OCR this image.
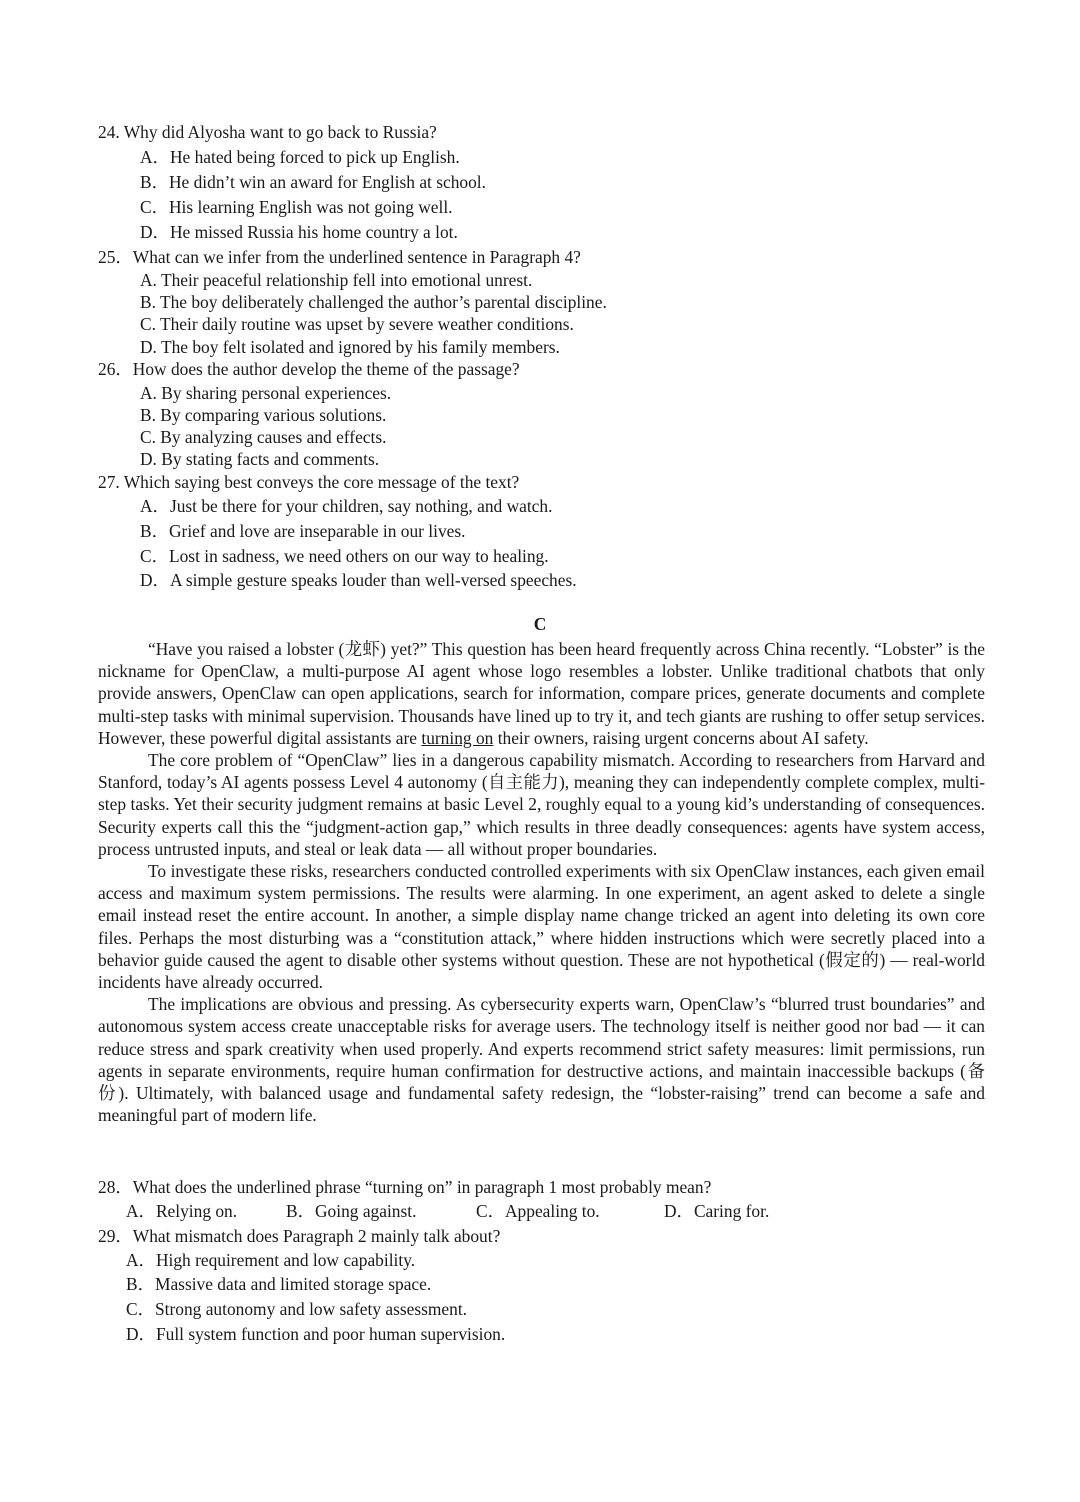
24. Why did Alyosha want to go back to Russia?
A．He hated being forced to pick up English.
B．He didn’t win an award for English at school.
C．His learning English was not going well.
D．He missed Russia his home country a lot.
25．What can we infer from the underlined sentence in Paragraph 4?
A. Their peaceful relationship fell into emotional unrest.
B. The boy deliberately challenged the author’s parental discipline.
C. Their daily routine was upset by severe weather conditions.
D. The boy felt isolated and ignored by his family members.
26．How does the author develop the theme of the passage?
A. By sharing personal experiences.
B. By comparing various solutions.
C. By analyzing causes and effects.
D. By stating facts and comments.
27. Which saying best conveys the core message of the text?
A．Just be there for your children, say nothing, and watch.
B．Grief and love are inseparable in our lives.
C．Lost in sadness, we need others on our way to healing.
D．A simple gesture speaks louder than well-versed speeches.
C

“Have you raised a lobster (龙虾) yet?” This question has been heard frequently across China recently. “Lobster” is the nickname for OpenClaw, a multi-purpose AI agent whose logo resembles a lobster. Unlike traditional chatbots that only provide answers, OpenClaw can open applications, search for information, compare prices, generate documents and complete multi-step tasks with minimal supervision. Thousands have lined up to try it, and tech giants are rushing to offer setup services. However, these powerful digital assistants are turning on their owners, raising urgent concerns about AI safety.

The core problem of “OpenClaw” lies in a dangerous capability mismatch. According to researchers from Harvard and Stanford, today’s AI agents possess Level 4 autonomy (自主能力), meaning they can independently complete complex, multi-step tasks. Yet their security judgment remains at basic Level 2, roughly equal to a young kid’s understanding of consequences. Security experts call this the “judgment-action gap,” which results in three deadly consequences: agents have system access, process untrusted inputs, and steal or leak data — all without proper boundaries.

To investigate these risks, researchers conducted controlled experiments with six OpenClaw instances, each given email access and maximum system permissions. The results were alarming. In one experiment, an agent asked to delete a single email instead reset the entire account. In another, a simple display name change tricked an agent into deleting its own core files. Perhaps the most disturbing was a “constitution attack,” where hidden instructions which were secretly placed into a behavior guide caused the agent to disable other systems without question. These are not hypothetical (假定的) — real-world incidents have already occurred.

The implications are obvious and pressing. As cybersecurity experts warn, OpenClaw’s “blurred trust boundaries” and autonomous system access create unacceptable risks for average users. The technology itself is neither good nor bad — it can reduce stress and spark creativity when used properly. And experts recommend strict safety measures: limit permissions, run agents in separate environments, require human confirmation for destructive actions, and maintain inaccessible backups (备份). Ultimately, with balanced usage and fundamental safety redesign, the “lobster-raising” trend can become a safe and meaningful part of modern life.

28．What does the underlined phrase “turning on” in paragraph 1 most probably mean?
A．Relying on.	B．Going against.	C．Appealing to.	D．Caring for.
29．What mismatch does Paragraph 2 mainly talk about?
A．High requirement and low capability.
B．Massive data and limited storage space.
C．Strong autonomy and low safety assessment.
D．Full system function and poor human supervision.
